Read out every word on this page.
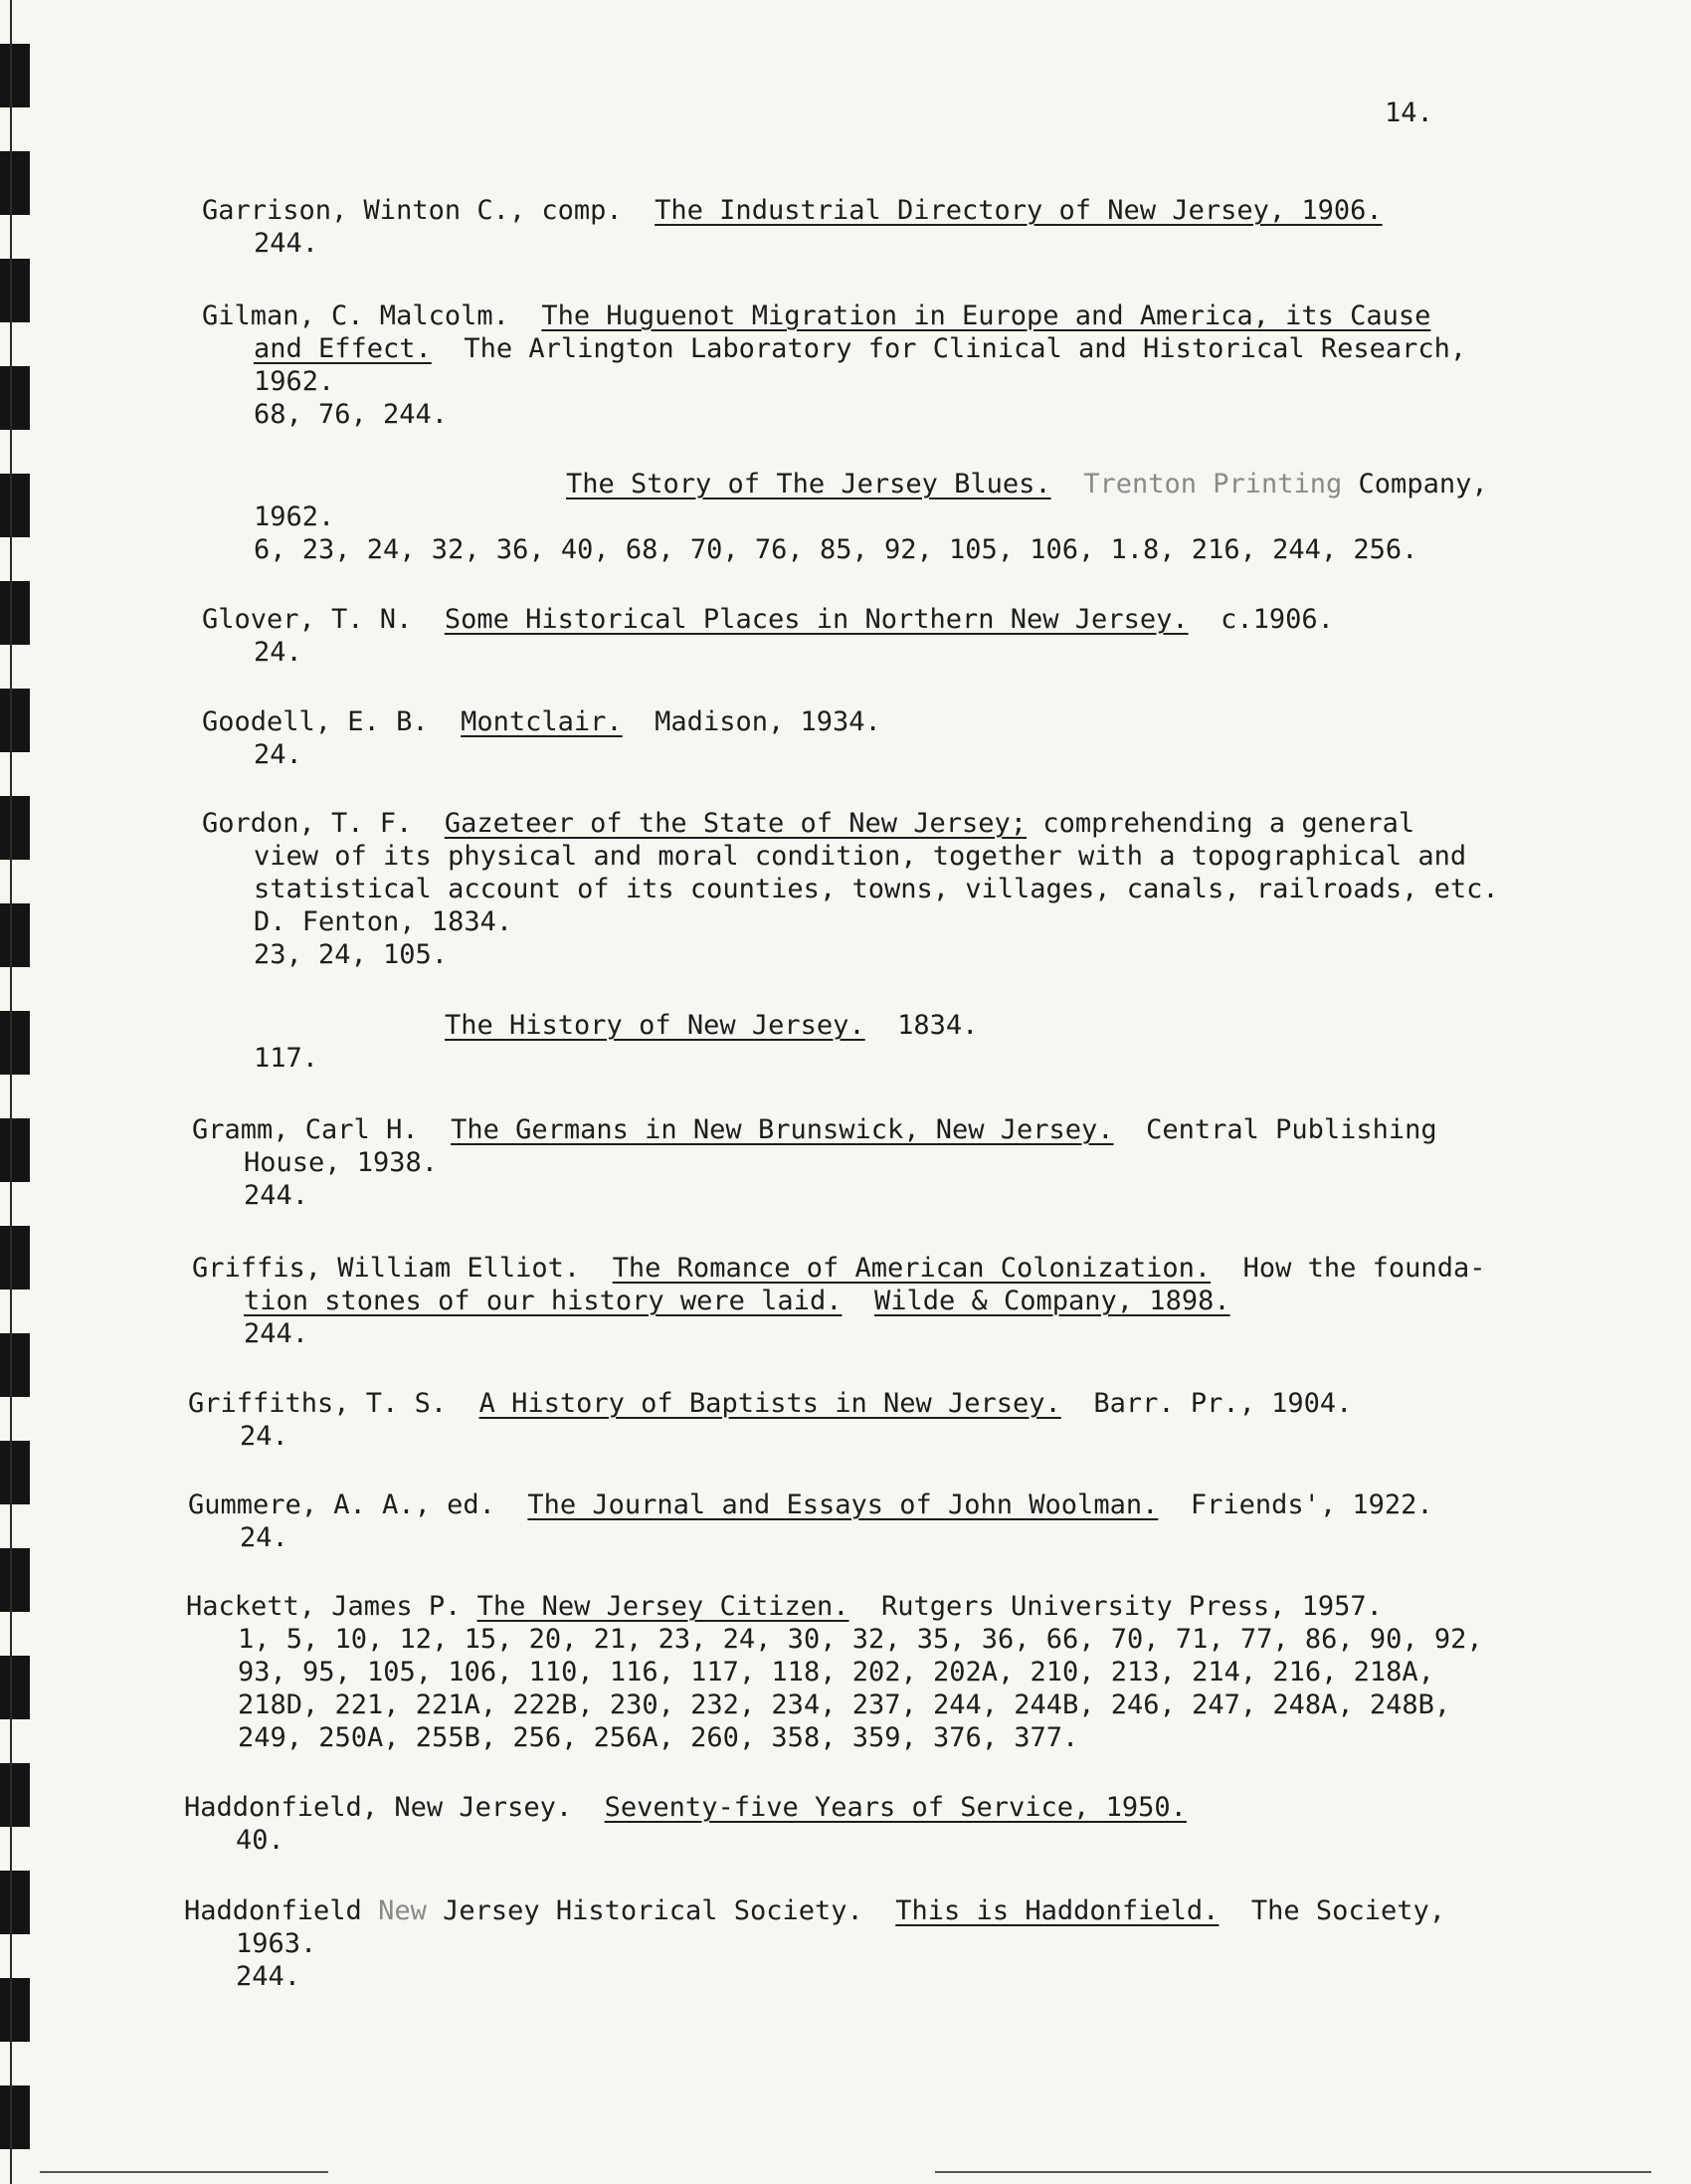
14.
Garrison, Winton C., comp. The Industrial Directory of New Jersey, 1906.
244.
Gilman, C. Malcolm. The Huguenot Migration in Europe and America, its Cause
and Effect. The Arlington Laboratory for Clinical and Historical Research,
1962.
68, 76, 244.
The Story of The Jersey Blues. Trenton Printing Company,
1962.
6, 23, 24, 32, 36, 40, 68, 70, 76, 85, 92, 105, 106, 1.8, 216, 244, 256.
Glover, T. N. Some Historical Places in Northern New Jersey. c.1906.
24.
Goodell, E. B. Montclair. Madison, 1934.
24.
Gordon, T. F. Gazeteer of the State of New Jersey; comprehending a general
view of its physical and moral condition, together with a topographical and
statistical account of its counties, towns, villages, canals, railroads, etc.
D. Fenton, 1834.
23, 24, 105.
The History of New Jersey. 1834.
117.
Gramm, Carl H. The Germans in New Brunswick, New Jersey. Central Publishing
House, 1938.
244.
Griffis, William Elliot. The Romance of American Colonization. How the founda-
tion stones of our history were laid. Wilde & Company, 1898.
244.
Griffiths, T. S. A History of Baptists in New Jersey. Barr. Pr., 1904.
24.
Gummere, A. A., ed. The Journal and Essays of John Woolman. Friends', 1922.
24.
Hackett, James P. The New Jersey Citizen. Rutgers University Press, 1957.
1, 5, 10, 12, 15, 20, 21, 23, 24, 30, 32, 35, 36, 66, 70, 71, 77, 86, 90, 92,
93, 95, 105, 106, 110, 116, 117, 118, 202, 202A, 210, 213, 214, 216, 218A,
218D, 221, 221A, 222B, 230, 232, 234, 237, 244, 244B, 246, 247, 248A, 248B,
249, 250A, 255B, 256, 256A, 260, 358, 359, 376, 377.
Haddonfield, New Jersey. Seventy-five Years of Service, 1950.
40.
Haddonfield New Jersey Historical Society. This is Haddonfield. The Society,
1963.
244.
